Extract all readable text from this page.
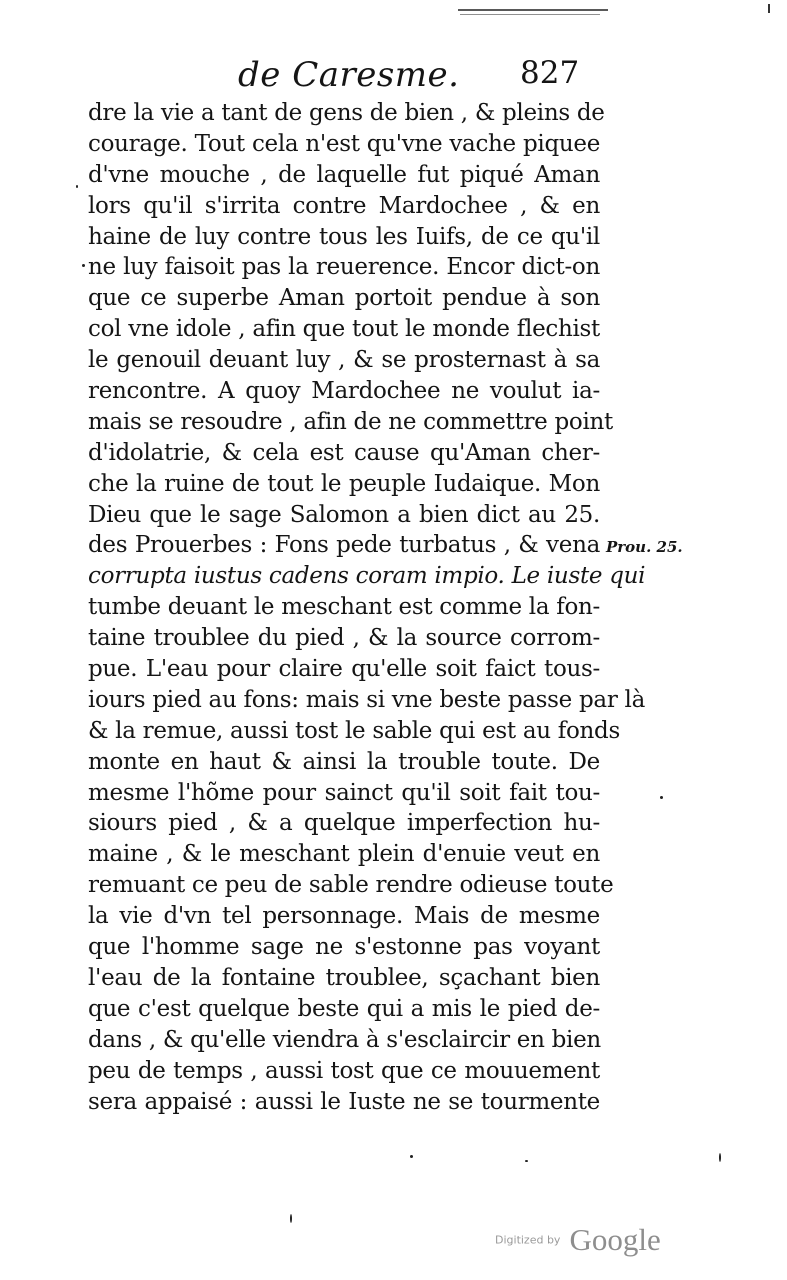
de Caresme. 827
dre la vie a tant de gens de bien , & pleins de
courage. Tout cela n'est qu'vne vache piquee
d'vne mouche , de laquelle fut piqué Aman
lors qu'il s'irrita contre Mardochee , & en
haine de luy contre tous les Iuifs, de ce qu'il
ne luy faisoit pas la reuerence. Encor dict-on
que ce superbe Aman portoit pendue à son
col vne idole , afin que tout le monde flechist
le genouil deuant luy , & se prosternast à sa
rencontre. A quoy Mardochee ne voulut ia-
mais se resoudre , afin de ne commettre point
d'idolatrie, & cela est cause qu'Aman cher-
che la ruine de tout le peuple Iudaique. Mon
Dieu que le sage Salomon a bien dict au 25.
des Prouerbes : Fons pede turbatus , & vena
corrupta iustus cadens coram impio. Le iuste qui
tumbe deuant le meschant est comme la fon-
taine troublee du pied , & la source corrom-
pue. L'eau pour claire qu'elle soit faict tous-
iours pied au fons: mais si vne beste passe par là
& la remue, aussi tost le sable qui est au fonds
monte en haut & ainsi la trouble toute. De
mesme l'hõme pour sainct qu'il soit fait tou-
siours pied , & a quelque imperfection hu-
maine , & le meschant plein d'enuie veut en
remuant ce peu de sable rendre odieuse toute
la vie d'vn tel personnage. Mais de mesme
que l'homme sage ne s'estonne pas voyant
l'eau de la fontaine troublee, sçachant bien
que c'est quelque beste qui a mis le pied de-
dans , & qu'elle viendra à s'esclaircir en bien
peu de temps , aussi tost que ce mouuement
sera appaisé : aussi le Iuste ne se tourmente
Prou. 25.
Digitized by Google
